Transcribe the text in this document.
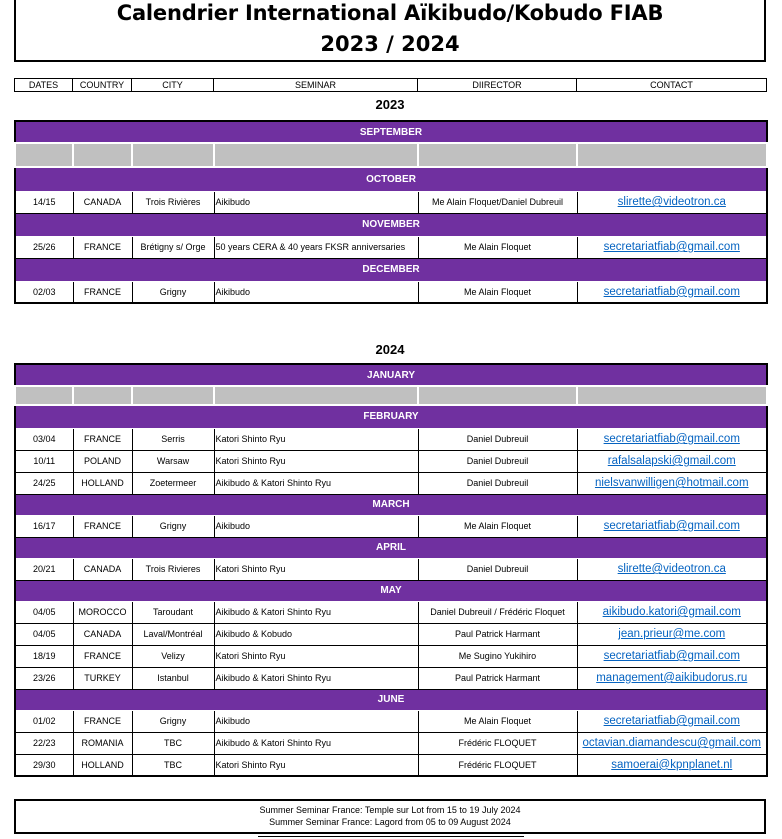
Calendrier International Aïkibudo/Kobudo FIAB
2023 / 2024
DATES	COUNTRY	CITY	SEMINAR	DIIRECTOR	CONTACT
2023
SEPTEMBER					

OCTOBER					
14/15	CANADA	Trois Rivières	Aikibudo	Me Alain Floquet/Daniel Dubreuil	slirette@videotron.ca
NOVEMBER					
25/26	FRANCE	Brétigny s/ Orge	50 years CERA & 40 years FKSR anniversaries	Me Alain Floquet	secretariatfiab@gmail.com
DECEMBER					
02/03	FRANCE	Grigny	Aikibudo	Me Alain Floquet	secretariatfiab@gmail.com
2024
JANUARY					

FEBRUARY					
03/04	FRANCE	Serris	Katori Shinto Ryu	Daniel Dubreuil	secretariatfiab@gmail.com
10/11	POLAND	Warsaw	Katori Shinto Ryu	Daniel Dubreuil	rafalsalapski@gmail.com
24/25	HOLLAND	Zoetermeer	Aikibudo & Katori Shinto Ryu	Daniel Dubreuil	nielsvanwilligen@hotmail.com
MARCH					
16/17	FRANCE	Grigny	Aikibudo	Me Alain Floquet	secretariatfiab@gmail.com
APRIL					
20/21	CANADA	Trois Rivieres	Katori Shinto Ryu	Daniel Dubreuil	slirette@videotron.ca
MAY					
04/05	MOROCCO	Taroudant	Aikibudo & Katori Shinto Ryu	Daniel Dubreuil / Frédéric Floquet	aikibudo.katori@gmail.com
04/05	CANADA	Laval/Montréal	Aikibudo & Kobudo	Paul Patrick Harmant	jean.prieur@me.com
18/19	FRANCE	Velizy	Katori Shinto Ryu	Me Sugino Yukihiro	secretariatfiab@gmail.com
23/26	TURKEY	Istanbul	Aikibudo & Katori Shinto Ryu	Paul Patrick Harmant	management@aikibudorus.ru
JUNE					
01/02	FRANCE	Grigny	Aikibudo	Me Alain Floquet	secretariatfiab@gmail.com
22/23	ROMANIA	TBC	Aikibudo & Katori Shinto Ryu	Frédéric FLOQUET	octavian.diamandescu@gmail.com
29/30	HOLLAND	TBC	Katori Shinto Ryu	Frédéric FLOQUET	samoerai@kpnplanet.nl
Summer Seminar France: Temple sur Lot from 15 to 19 July 2024
Summer Seminar France: Lagord from 05 to 09 August 2024
